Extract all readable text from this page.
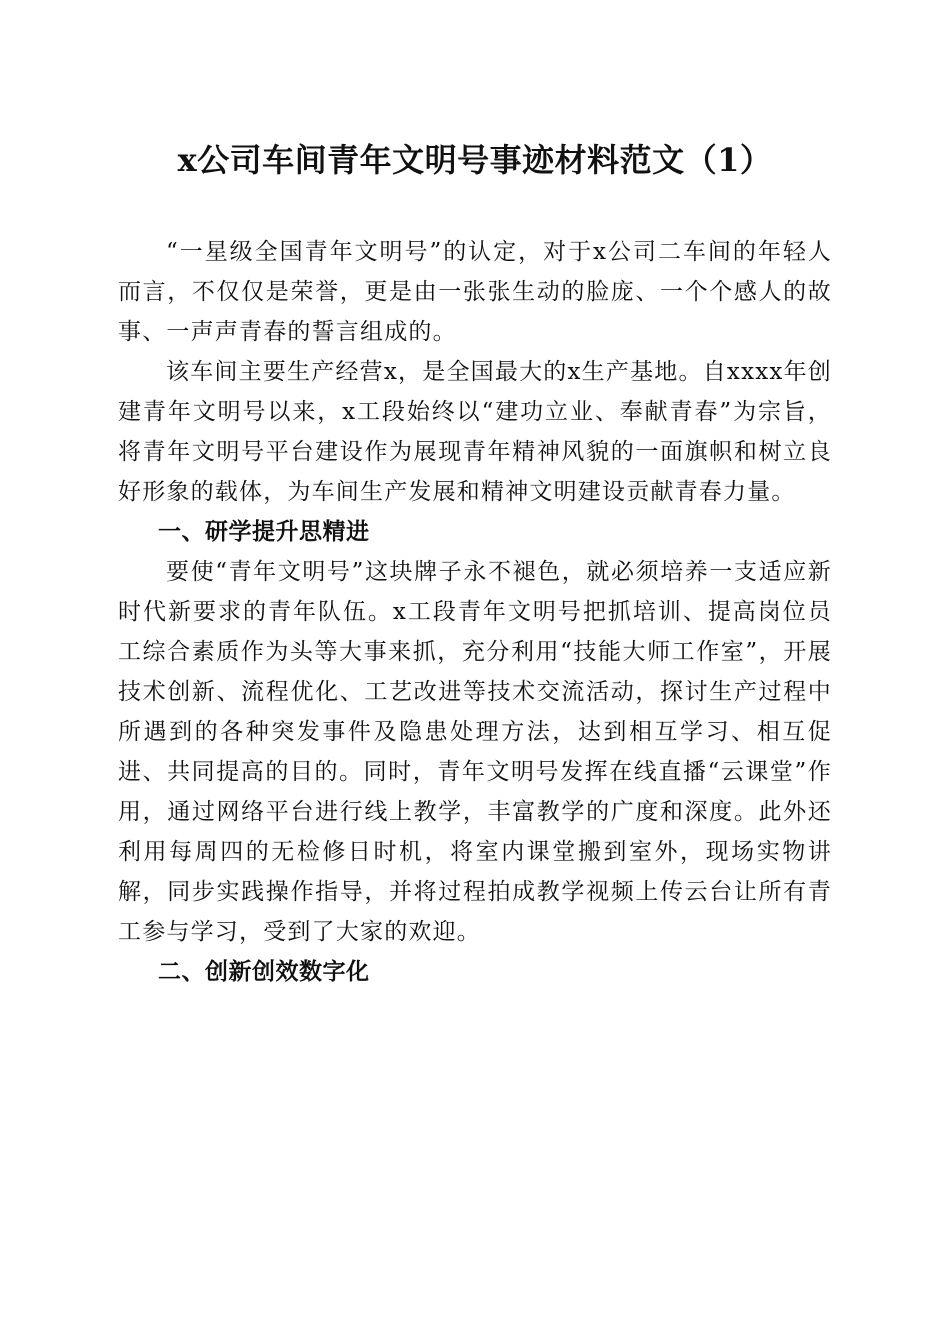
x公司车间青年文明号事迹材料范文（1）

“一星级全国青年文明号”的认定，对于x公司二车间的年轻人而言，不仅仅是荣誉，更是由一张张生动的脸庞、一个个感人的故事、一声声青春的誓言组成的。

该车间主要生产经营x，是全国最大的x生产基地。自xxxx年创建青年文明号以来，x工段始终以“建功立业、奉献青春”为宗旨，将青年文明号平台建设作为展现青年精神风貌的一面旗帜和树立良好形象的载体，为车间生产发展和精神文明建设贡献青春力量。

一、研学提升思精进

要使“青年文明号”这块牌子永不褪色，就必须培养一支适应新时代新要求的青年队伍。x工段青年文明号把抓培训、提高岗位员工综合素质作为头等大事来抓，充分利用“技能大师工作室”，开展技术创新、流程优化、工艺改进等技术交流活动，探讨生产过程中所遇到的各种突发事件及隐患处理方法，达到相互学习、相互促进、共同提高的目的。同时，青年文明号发挥在线直播“云课堂”作用，通过网络平台进行线上教学，丰富教学的广度和深度。此外还利用每周四的无检修日时机，将室内课堂搬到室外，现场实物讲解，同步实践操作指导，并将过程拍成教学视频上传云台让所有青工参与学习，受到了大家的欢迎。

二、创新创效数字化
